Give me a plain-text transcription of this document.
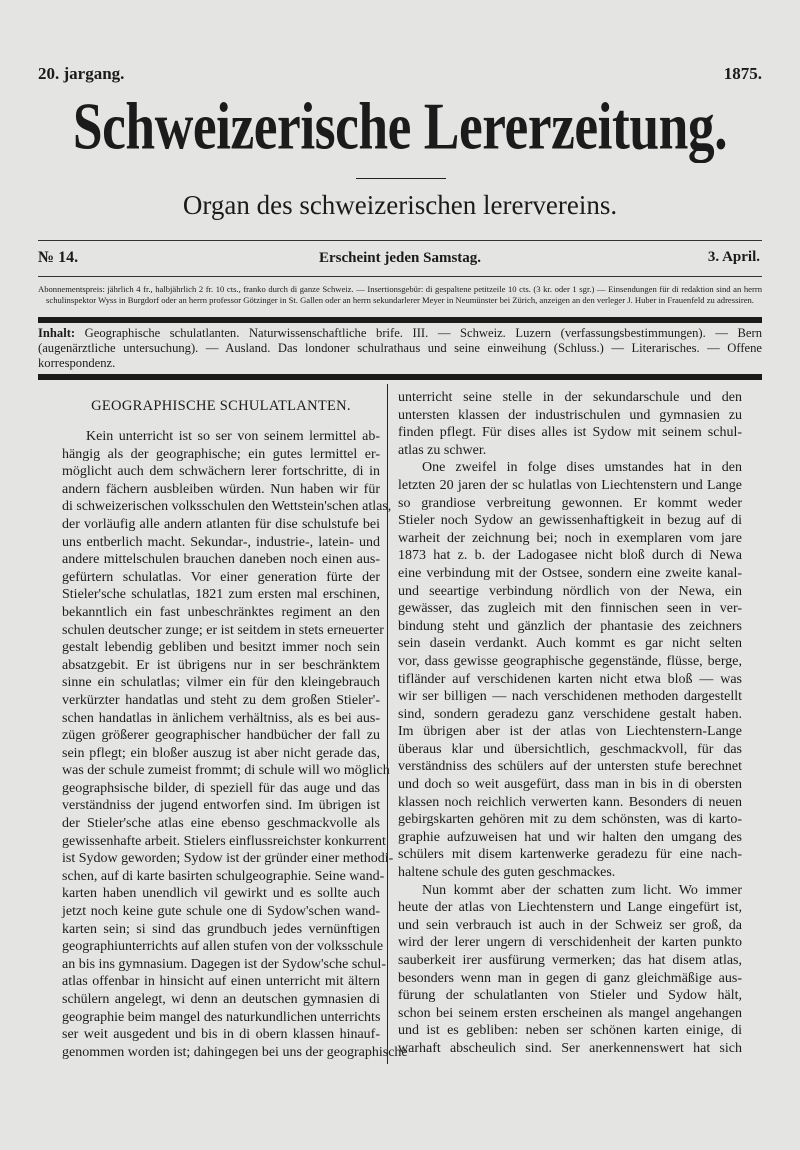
20. jargang.	1875.
Schweizerische Lererzeitung.
Organ des schweizerischen lerervereins.
№ 14.	Erscheint jeden Samstag.	3. April.
Abonnementspreis: jährlich 4 fr., halbjährlich 2 fr. 10 cts., franko durch di ganze Schweiz. — Insertionsgebür: di gespaltene petitzeile 10 cts. (3 kr. oder 1 sgr.) — Einsendungen für di redaktion sind an herrn schulinspektor Wyss in Burgdorf oder an herrn professor Götzinger in St. Gallen oder an herrn sekundarlerer Meyer in Neumünster bei Zürich, anzeigen an den verleger J. Huber in Frauenfeld zu adressiren.
Inhalt: Geographische schulatlanten. Naturwissenschaftliche brife. III. — Schweiz. Luzern (verfassungsbestimmungen). — Bern (augenärztliche untersuchung). — Ausland. Das londoner schulrathaus und seine einweihung (Schluss.) — Literarisches. — Offene korrespondenz.
GEOGRAPHISCHE SCHULATLANTEN.
Kein unterricht ist so ser von seinem lermittel ab-
hängig als der geographische; ein gutes lermittel er-
möglicht auch dem schwächern lerer fortschritte, di in
andern fächern ausbleiben würden. Nun haben wir für
di schweizerischen volksschulen den Wettstein'schen atlas,
der vorläufig alle andern atlanten für dise schulstufe bei
uns entberlich macht. Sekundar-, industrie-, latein- und
andere mittelschulen brauchen daneben noch einen aus-
gefürtern schulatlas. Vor einer generation fürte der
Stieler'sche schulatlas, 1821 zum ersten mal erschinen,
bekanntlich ein fast unbeschränktes regiment an den
schulen deutscher zunge; er ist seitdem in stets erneuerter
gestalt lebendig gebliben und besitzt immer noch sein
absatzgebit. Er ist übrigens nur in ser beschränktem
sinne ein schulatlas; vilmer ein für den kleingebrauch
verkürzter handatlas und steht zu dem großen Stieler'-
schen handatlas in änlichem verhältniss, als es bei aus-
zügen größerer geographischer handbücher der fall zu
sein pflegt; ein bloßer auszug ist aber nicht gerade das,
was der schule zumeist frommt; di schule will wo möglich
geographsische bilder, di speziell für das auge und das
verständniss der jugend entworfen sind. Im übrigen ist
der Stieler'sche atlas eine ebenso geschmackvolle als
gewissenhafte arbeit. Stielers einflussreichster konkurrent
ist Sydow geworden; Sydow ist der gründer einer methodi-
schen, auf di karte basirten schulgeographie. Seine wand-
karten haben unendlich vil gewirkt und es sollte auch
jetzt noch keine gute schule one di Sydow'schen wand-
karten sein; si sind das grundbuch jedes vernünftigen
geographiunterrichts auf allen stufen von der volksschule
an bis ins gymnasium. Dagegen ist der Sydow'sche schul-
atlas offenbar in hinsicht auf einen unterricht mit ältern
schülern angelegt, wi denn an deutschen gymnasien di
geographie beim mangel des naturkundlichen unterrichts
ser weit ausgedent und bis in di obern klassen hinauf-
genommen worden ist; dahingegen bei uns der geographische
unterricht seine stelle in der sekundarschule und den
untersten klassen der industrischulen und gymnasien zu
finden pflegt. Für dises alles ist Sydow mit seinem schul-
atlas zu schwer.
One zweifel in folge dises umstandes hat in den
letzten 20 jaren der sc hulatlas von Liechtenstern und Lange
so grandiose verbreitung gewonnen. Er kommt weder
Stieler noch Sydow an gewissenhaftigkeit in bezug auf di
warheit der zeichnung bei; noch in exemplaren vom jare
1873 hat z. b. der Ladogasee nicht bloß durch di Newa
eine verbindung mit der Ostsee, sondern eine zweite kanal-
und seeartige verbindung nördlich von der Newa, ein
gewässer, das zugleich mit den finnischen seen in ver-
bindung steht und gänzlich der phantasie des zeichners
sein dasein verdankt. Auch kommt es gar nicht selten
vor, dass gewisse geographische gegenstände, flüsse, berge,
tifländer auf verschidenen karten nicht etwa bloß — was
wir ser billigen — nach verschidenen methoden dargestellt
sind, sondern geradezu ganz verschidene gestalt haben.
Im übrigen aber ist der atlas von Liechtenstern-Lange
überaus klar und übersichtlich, geschmackvoll, für das
verständniss des schülers auf der untersten stufe berechnet
und doch so weit ausgefürt, dass man in bis in di obersten
klassen noch reichlich verwerten kann. Besonders di neuen
gebirgskarten gehören mit zu dem schönsten, was di karto-
graphie aufzuweisen hat und wir halten den umgang des
schülers mit disem kartenwerke geradezu für eine nach-
haltene schule des guten geschmackes.
Nun kommt aber der schatten zum licht. Wo immer
heute der atlas von Liechtenstern und Lange eingefürt ist,
und sein verbrauch ist auch in der Schweiz ser groß, da
wird der lerer ungern di verschidenheit der karten punkto
sauberkeit irer ausfürung vermerken; das hat disem atlas,
besonders wenn man in gegen di ganz gleichmäßige aus-
fürung der schulatlanten von Stieler und Sydow hält,
schon bei seinem ersten erscheinen als mangel angehangen
und ist es gebliben: neben ser schönen karten einige, di
warhaft abscheulich sind. Ser anerkennenswert hat sich
